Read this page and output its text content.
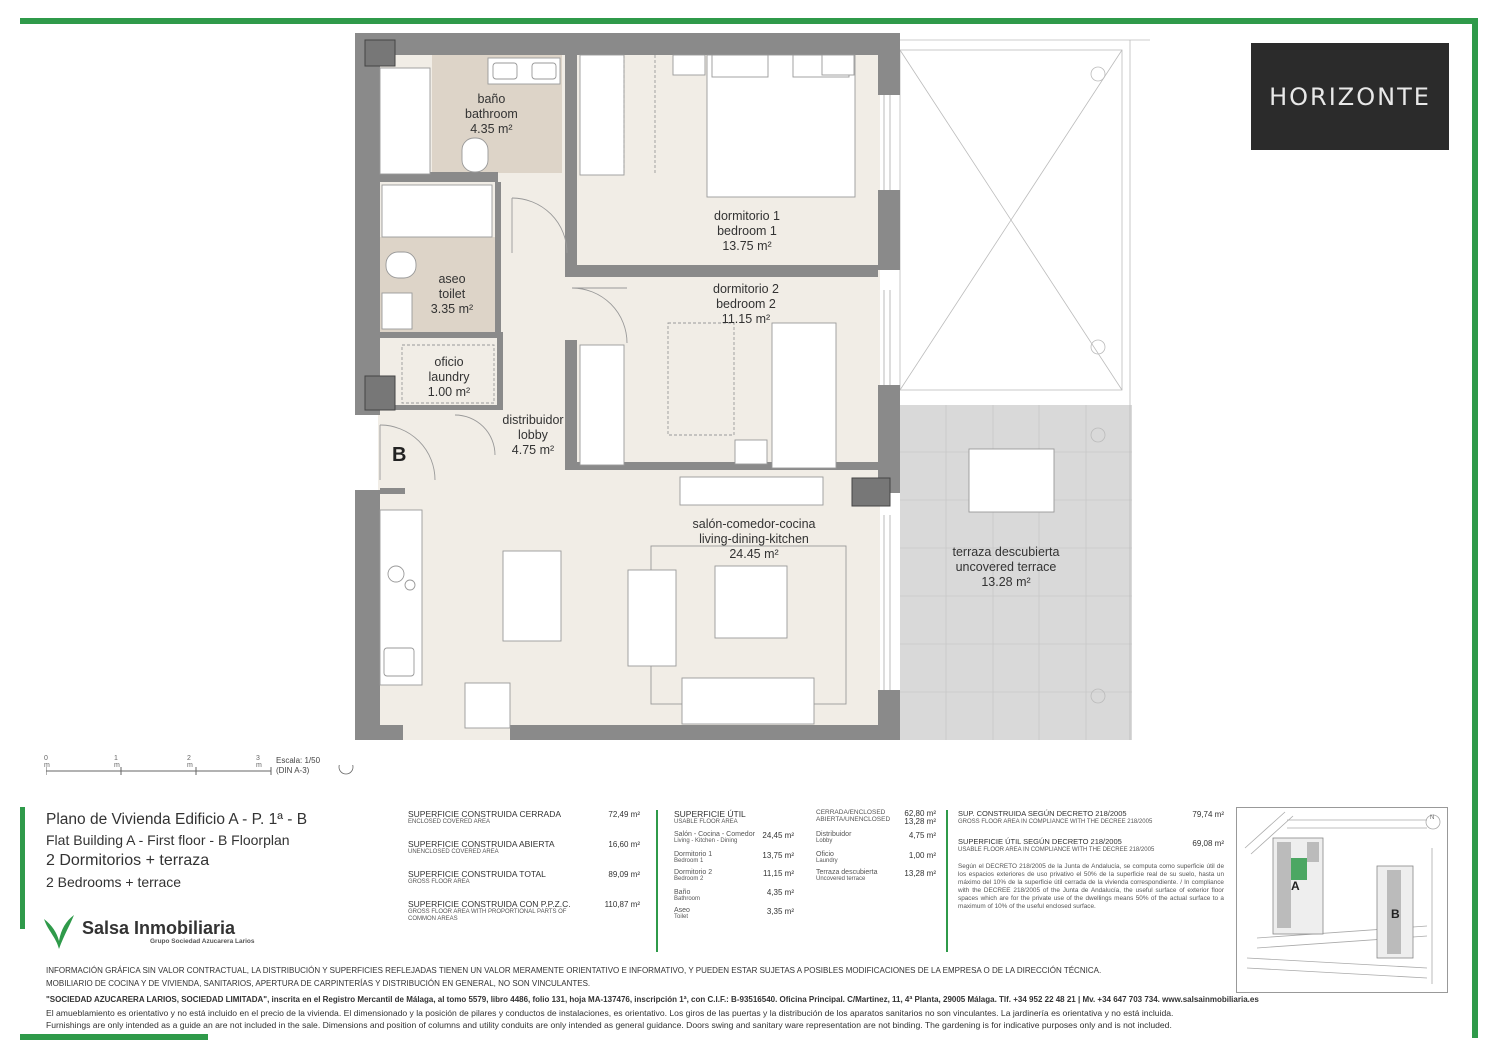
baño
bathroom
4.35 m²
dormitorio 1
bedroom 1
13.75 m²
dormitorio 2
bedroom 2
11.15 m²
aseo
toilet
3.35 m²
oficio
laundry
1.00 m²
distribuidor
lobby
4.75 m²
salón-comedor-cocina
living-dining-kitchen
24.45 m²	terraza descubierta
uncovered terrace
13.28 m²
B
HORIZONTE
0 m
1 m
2 m
3 m
Escala: 1/50
(DIN A-3)
Plano de Vivienda Edificio A - P. 1ª - B
Flat Building A - First floor - B Floorplan
2 Dormitorios + terraza
2 Bedrooms + terrace
Salsa Inmobiliaria
Grupo Sociedad Azucarera Larios
SUPERFICIE CONSTRUIDA CERRADA
ENCLOSED COVERED AREA
72,49 m²
SUPERFICIE CONSTRUIDA ABIERTA
UNENCLOSED COVERED AREA
16,60 m²
SUPERFICIE CONSTRUIDA TOTAL
GROSS FLOOR AREA
89,09 m²
SUPERFICIE CONSTRUIDA CON P.P.Z.C.
GROSS FLOOR AREA WITH PROPORTIONAL PARTS OF COMMON AREAS
110,87 m²
SUPERFICIE ÚTIL
USABLE FLOOR AREA
Salón - Cocina - Comedor
Living - Kitchen - Dining
24,45 m²
Dormitorio 1
Bedroom 1
13,75 m²
Dormitorio 2
Bedroom 2
11,15 m²
Baño
Bathroom
4,35 m²
Aseo
Toilet
3,35 m²
CERRADA/ENCLOSED
ABIERTA/UNENCLOSED
62,80 m²
13,28 m²
Distribuidor
Lobby
4,75 m²
Oficio
Laundry
1,00 m²
Terraza descubierta
Uncovered terrace
13,28 m²
SUP. CONSTRUIDA SEGÚN DECRETO 218/2005
GROSS FLOOR AREA IN COMPLIANCE WITH THE DECREE 218/2005
79,74 m²
SUPERFICIE ÚTIL SEGÚN DECRETO 218/2005
USABLE FLOOR AREA IN COMPLIANCE WITH THE DECREE 218/2005
69,08 m²
Según el DECRETO 218/2005 de la Junta de Andalucía, se computa como superficie útil de los espacios exteriores de uso privativo el 50% de la superficie real de su suelo, hasta un máximo del 10% de la superficie útil cerrada de la vivienda correspondiente. / In compliance with the DECREE 218/2005 of the Junta de Andalucía, the useful surface of exterior floor spaces which are for the private use of the dwellings means 50% of the actual surface to a maximum of 10% of the useful enclosed surface.
N
A
B
INFORMACIÓN GRÁFICA SIN VALOR CONTRACTUAL, LA DISTRIBUCIÓN Y SUPERFICIES REFLEJADAS TIENEN UN VALOR MERAMENTE ORIENTATIVO E INFORMATIVO, Y PUEDEN ESTAR SUJETAS A POSIBLES MODIFICACIONES DE LA EMPRESA O DE LA DIRECCIÓN TÉCNICA.
MOBILIARIO DE COCINA Y DE VIVIENDA, SANITARIOS, APERTURA DE CARPINTERÍAS Y DISTRIBUCIÓN EN GENERAL, NO SON VINCULANTES.
"SOCIEDAD AZUCARERA LARIOS, SOCIEDAD LIMITADA", inscrita en el Registro Mercantil de Málaga, al tomo 5579, libro 4486, folio 131, hoja MA-137476, inscripción 1ª, con C.I.F.: B-93516540. Oficina Principal. C/Martinez, 11, 4ª Planta, 29005 Málaga. Tlf. +34 952 22 48 21 | Mv. +34 647 703 734. www.salsainmobiliaria.es
El amueblamiento es orientativo y no está incluido en el precio de la vivienda. El dimensionado y la posición de pilares y conductos de instalaciones, es orientativo. Los giros de las puertas y la distribución de los aparatos sanitarios no son vinculantes. La jardinería es orientativa y no está incluida.
Furnishings are only intended as a guide an are not included in the sale. Dimensions and position of columns and utility conduits are only intended as general guidance. Doors swing and sanitary ware representation are not binding. The gardening is for indicative purposes only and is not included.
